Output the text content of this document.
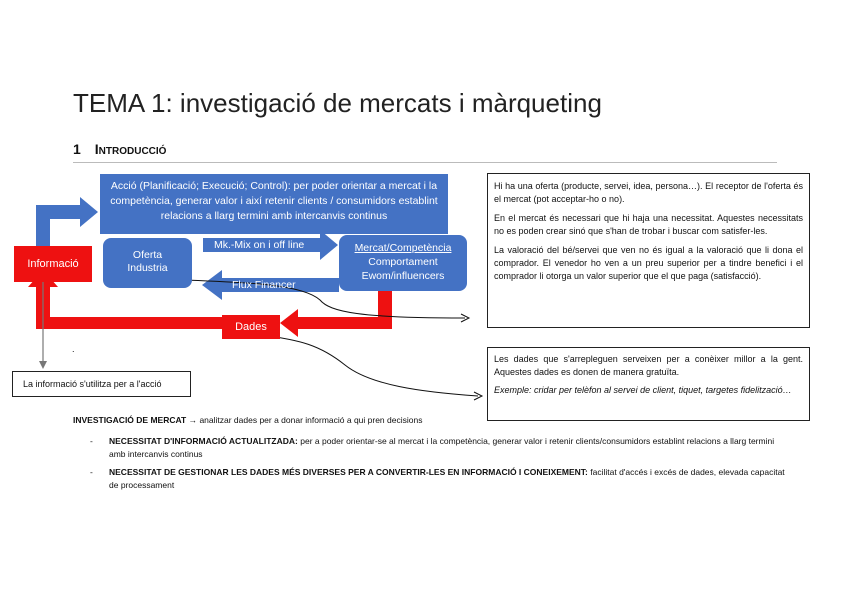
TEMA 1: investigació de mercats i màrqueting
1 Introducció
Acció (Planificació; Execució; Control): per poder orientar a mercat i la competència, generar valor i així retenir clients / consumidors establint relacions a llarg termini amb intercanvis continus
Informació
Oferta
Industria
Mk.-Mix on i off line
Flux Financer
Mercat/Competència
Comportament
Ewom/influencers
Dades
.
La informació s'utilitza per a l'acció

Hi ha una oferta (producte, servei, idea, persona…). El receptor de l'oferta és el mercat (pot acceptar-ho o no).

En el mercat és necessari que hi haja una necessitat. Aquestes necessitats no es poden crear sinó que s'han de trobar i buscar com satisfer-les.

La valoració del bé/servei que ven no és igual a la valoració que li dona el comprador. El venedor ho ven a un preu superior per a tindre benefici i el comprador li otorga un valor superior que el que paga (satisfacció).

Les dades que s'arrepleguen serveixen per a conèixer millor a la gent. Aquestes dades es donen de manera gratuïta.

Exemple: cridar per telèfon al servei de client, tiquet, targetes fidelització…

INVESTIGACIÓ DE MERCAT → analitzar dades per a donar informació a qui pren decisions
- NECESSITAT D'INFORMACIÓ ACTUALITZADA: per a poder orientar-se al mercat i la competència, generar valor i retenir clients/consumidors establint relacions a llarg termini amb intercanvis continus
- NECESSITAT DE GESTIONAR LES DADES MÉS DIVERSES PER A CONVERTIR-LES EN INFORMACIÓ I CONEIXEMENT: facilitat d'accés i excés de dades, elevada capacitat de processament
